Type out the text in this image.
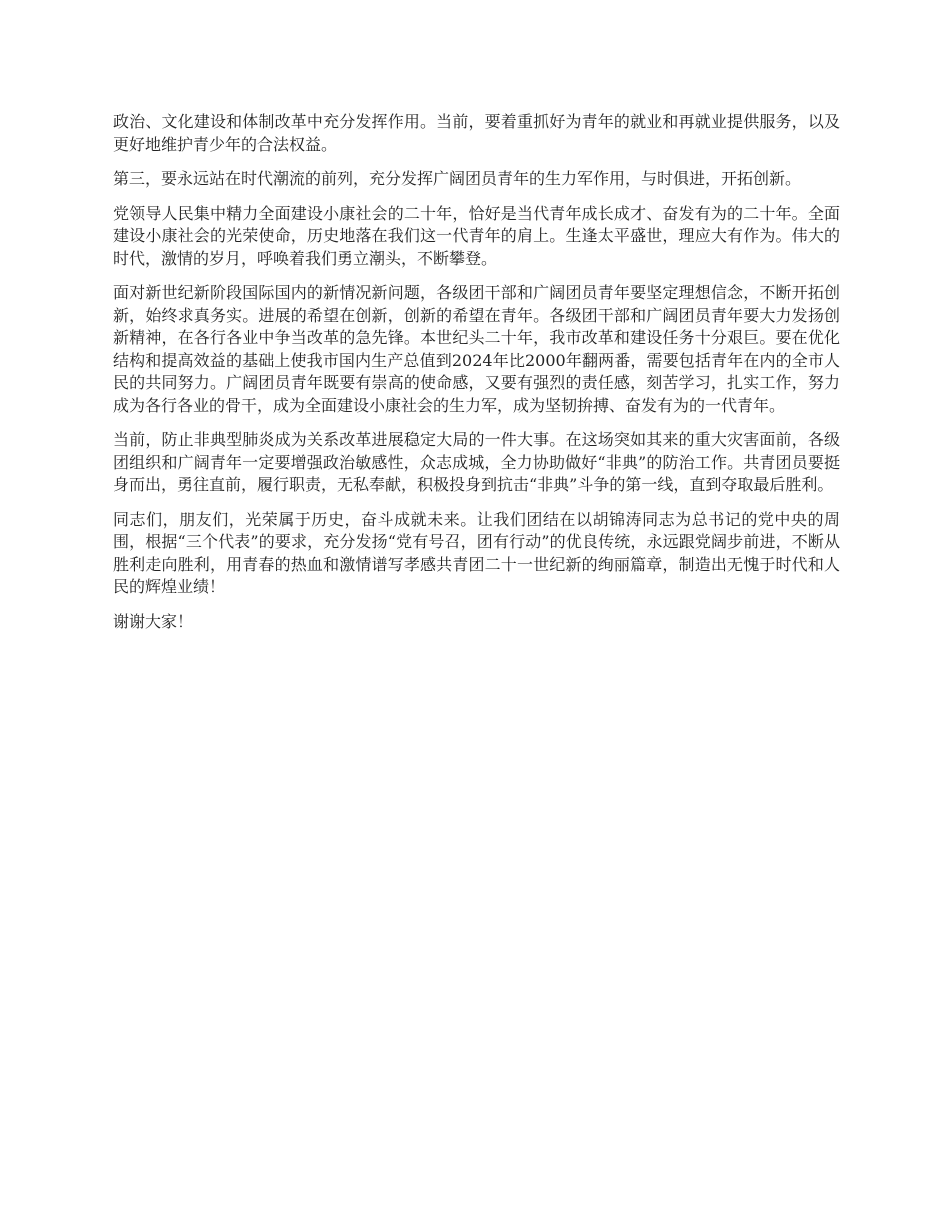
政治、文化建设和体制改革中充分发挥作用。当前，要着重抓好为青年的就业和再就业提供服务，以及更好地维护青少年的合法权益。

第三，要永远站在时代潮流的前列，充分发挥广阔团员青年的生力军作用，与时俱进，开拓创新。

党领导人民集中精力全面建设小康社会的二十年，恰好是当代青年成长成才、奋发有为的二十年。全面建设小康社会的光荣使命，历史地落在我们这一代青年的肩上。生逢太平盛世，理应大有作为。伟大的时代，激情的岁月，呼唤着我们勇立潮头，不断攀登。

面对新世纪新阶段国际国内的新情况新问题，各级团干部和广阔团员青年要坚定理想信念，不断开拓创新，始终求真务实。进展的希望在创新，创新的希望在青年。各级团干部和广阔团员青年要大力发扬创新精神，在各行各业中争当改革的急先锋。本世纪头二十年，我市改革和建设任务十分艰巨。要在优化结构和提高效益的基础上使我市国内生产总值到2024年比2000年翻两番，需要包括青年在内的全市人民的共同努力。广阔团员青年既要有崇高的使命感，又要有强烈的责任感，刻苦学习，扎实工作，努力成为各行各业的骨干，成为全面建设小康社会的生力军，成为坚韧拚搏、奋发有为的一代青年。

当前，防止非典型肺炎成为关系改革进展稳定大局的一件大事。在这场突如其来的重大灾害面前，各级团组织和广阔青年一定要增强政治敏感性，众志成城，全力协助做好“非典”的防治工作。共青团员要挺身而出，勇往直前，履行职责，无私奉献，积极投身到抗击“非典”斗争的第一线，直到夺取最后胜利。

同志们，朋友们，光荣属于历史，奋斗成就未来。让我们团结在以胡锦涛同志为总书记的党中央的周围，根据“三个代表”的要求，充分发扬“党有号召，团有行动”的优良传统，永远跟党阔步前进，不断从胜利走向胜利，用青春的热血和激情谱写孝感共青团二十一世纪新的绚丽篇章，制造出无愧于时代和人民的辉煌业绩！

谢谢大家！
